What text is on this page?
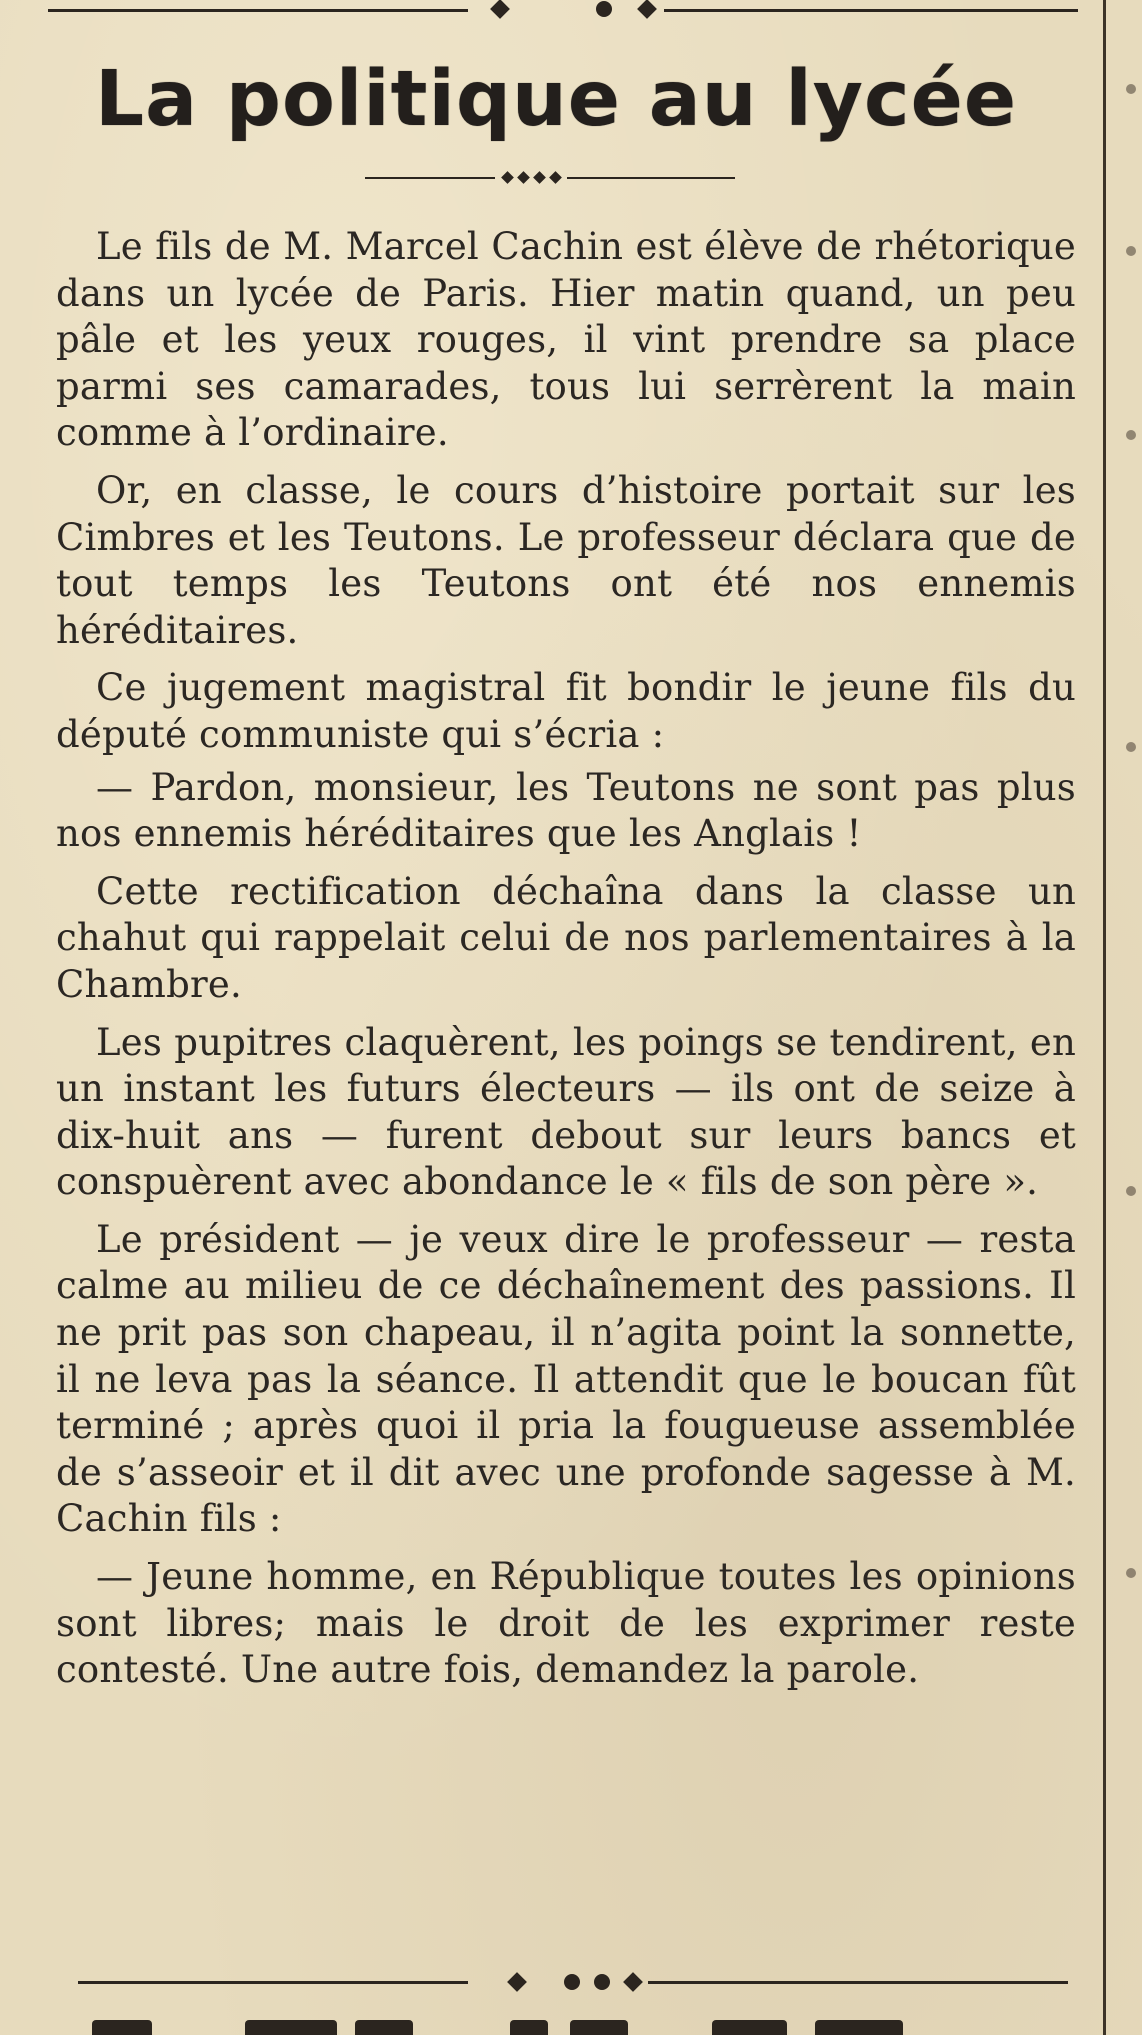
La politique au lycée

Le fils de M. Marcel Cachin est élève de rhétorique dans un lycée de Paris. Hier matin quand, un peu pâle et les yeux rouges, il vint prendre sa place parmi ses camarades, tous lui serrèrent la main comme à l’ordinaire.

Or, en classe, le cours d’histoire portait sur les Cimbres et les Teutons. Le professeur déclara que de tout temps les Teutons ont été nos ennemis héréditaires.

Ce jugement magistral fit bondir le jeune fils du député communiste qui s’écria :

— Pardon, monsieur, les Teutons ne sont pas plus nos ennemis héréditaires que les Anglais !

Cette rectification déchaîna dans la classe un chahut qui rappelait celui de nos parlementaires à la Chambre.

Les pupitres claquèrent, les poings se tendirent, en un instant les futurs électeurs — ils ont de seize à dix-huit ans — furent debout sur leurs bancs et conspuèrent avec abondance le « fils de son père ».

Le président — je veux dire le professeur — resta calme au milieu de ce déchaînement des passions. Il ne prit pas son chapeau, il n’agita point la sonnette, il ne leva pas la séance. Il attendit que le boucan fût terminé ; après quoi il pria la fougueuse assemblée de s’asseoir et il dit avec une profonde sagesse à M. Cachin fils :

— Jeune homme, en République toutes les opinions sont libres; mais le droit de les exprimer reste contesté. Une autre fois, demandez la parole.
